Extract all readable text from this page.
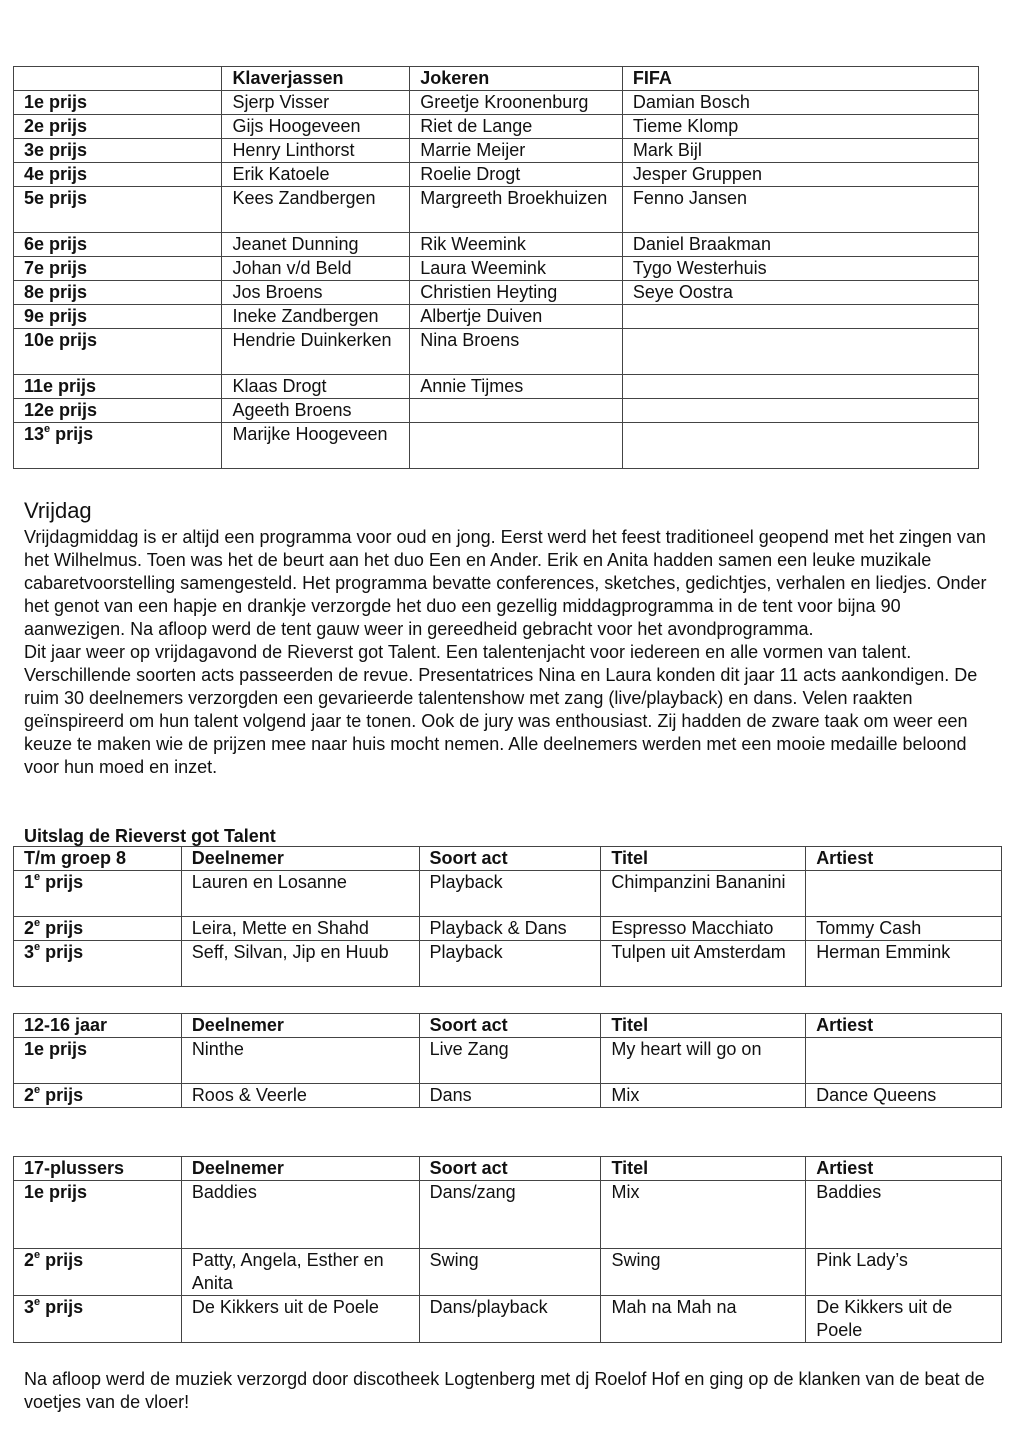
	Klaverjassen	Jokeren	FIFA
1e prijs	Sjerp Visser	Greetje Kroonenburg	Damian Bosch
2e prijs	Gijs Hoogeveen	Riet de Lange	Tieme Klomp
3e prijs	Henry Linthorst	Marrie Meijer	Mark Bijl
4e prijs	Erik Katoele	Roelie Drogt	Jesper Gruppen
5e prijs	Kees Zandbergen	Margreeth Broekhuizen	Fenno Jansen
6e prijs	Jeanet Dunning	Rik Weemink	Daniel Braakman
7e prijs	Johan v/d Beld	Laura Weemink	Tygo Westerhuis
8e prijs	Jos Broens	Christien Heyting	Seye Oostra
9e prijs	Ineke Zandbergen	Albertje Duiven	
10e prijs	Hendrie Duinkerken	Nina Broens	
11e prijs	Klaas Drogt	Annie Tijmes	
12e prijs	Ageeth Broens		
13e prijs	Marijke Hoogeveen		
Vrijdag

Vrijdagmiddag is er altijd een programma voor oud en jong. Eerst werd het feest traditioneel geopend met het zingen van het Wilhelmus. Toen was het de beurt aan het duo Een en Ander. Erik en Anita hadden samen een leuke muzikale cabaretvoorstelling samengesteld. Het programma bevatte conferences, sketches, gedichtjes, verhalen en liedjes. Onder het genot van een hapje en drankje verzorgde het duo een gezellig middagprogramma in de tent voor bijna 90 aanwezigen. Na afloop werd de tent gauw weer in gereedheid gebracht voor het avondprogramma.

Dit jaar weer op vrijdagavond de Rieverst got Talent. Een talentenjacht voor iedereen en alle vormen van talent. Verschillende soorten acts passeerden de revue. Presentatrices Nina en Laura konden dit jaar 11 acts aankondigen. De ruim 30 deelnemers verzorgden een gevarieerde talentenshow met zang (live/playback) en dans. Velen raakten geïnspireerd om hun talent volgend jaar te tonen. Ook de jury was enthousiast. Zij hadden de zware taak om weer een keuze te maken wie de prijzen mee naar huis mocht nemen. Alle deelnemers werden met een mooie medaille beloond voor hun moed en inzet.

Uitslag de Rieverst got Talent
T/m groep 8	Deelnemer	Soort act	Titel	Artiest
1e prijs	Lauren en Losanne	Playback	Chimpanzini Bananini	
2e prijs	Leira, Mette en Shahd	Playback & Dans	Espresso Macchiato	Tommy Cash
3e prijs	Seff, Silvan, Jip en Huub	Playback	Tulpen uit Amsterdam	Herman Emmink
12-16 jaar	Deelnemer	Soort act	Titel	Artiest
1e prijs	Ninthe	Live Zang	My heart will go on	
2e prijs	Roos & Veerle	Dans	Mix	Dance Queens
17-plussers	Deelnemer	Soort act	Titel	Artiest
1e prijs	Baddies	Dans/zang	Mix	Baddies
2e prijs	Patty, Angela, Esther en Anita	Swing	Swing	Pink Lady’s
3e prijs	De Kikkers uit de Poele	Dans/playback	Mah na Mah na	De Kikkers uit de Poele

Na afloop werd de muziek verzorgd door discotheek Logtenberg met dj Roelof Hof en ging op de klanken van de beat de voetjes van de vloer!
